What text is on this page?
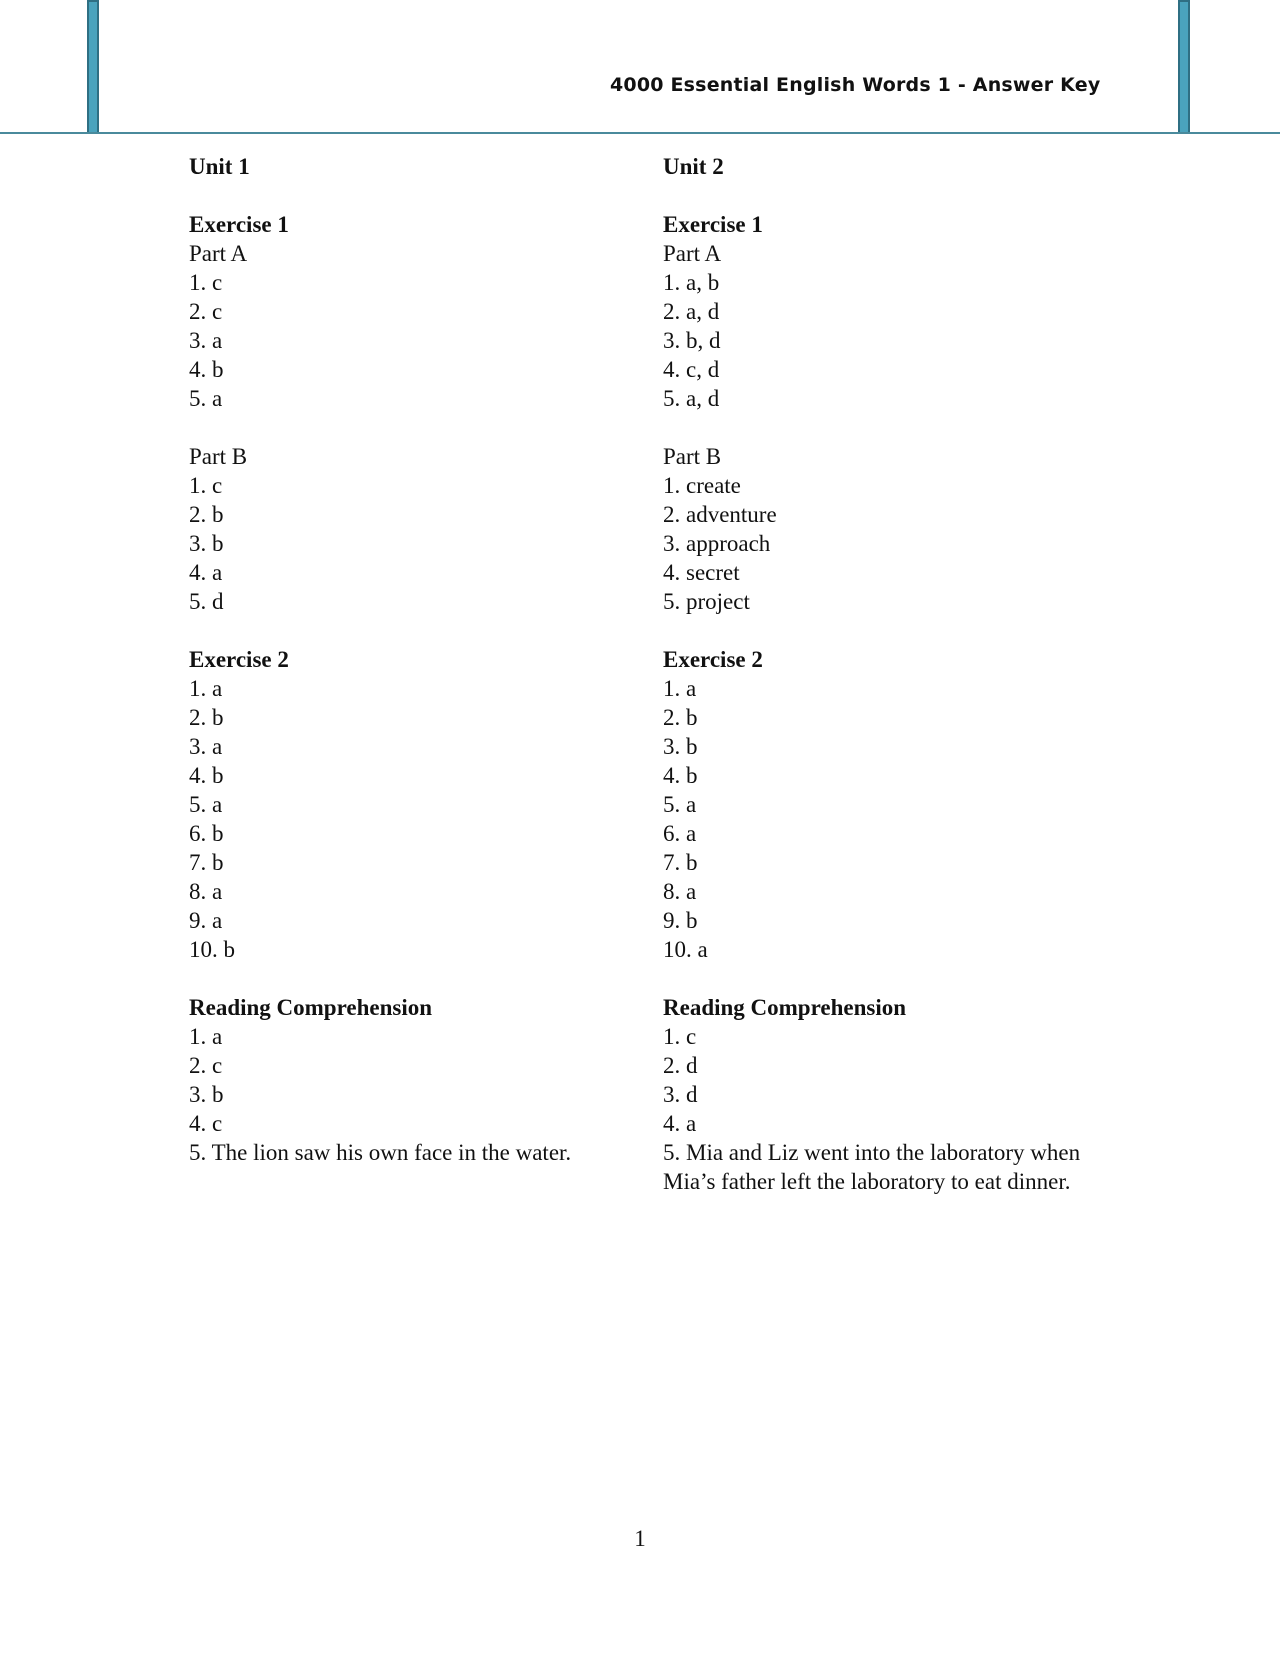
4000 Essential English Words 1 - Answer Key
Unit 1
Exercise 1

Part A

1. c

2. c

3. a

4. b

5. a

Part B

1. c

2. b

3. b

4. a

5. d

Exercise 2

1. a

2. b

3. a

4. b

5. a

6. b

7. b

8. a

9. a

10. b

Reading Comprehension

1. a

2. c

3. b

4. c

5. The lion saw his own face in the water.

Unit 2
Exercise 1

Part A

1. a, b

2. a, d

3. b, d

4. c, d

5. a, d

Part B

1. create

2. adventure

3. approach

4. secret

5. project

Exercise 2

1. a

2. b

3. b

4. b

5. a

6. a

7. b

8. a

9. b

10. a

Reading Comprehension

1. c

2. d

3. d

4. a

5. Mia and Liz went into the laboratory when Mia’s father left the laboratory to eat dinner.

1
